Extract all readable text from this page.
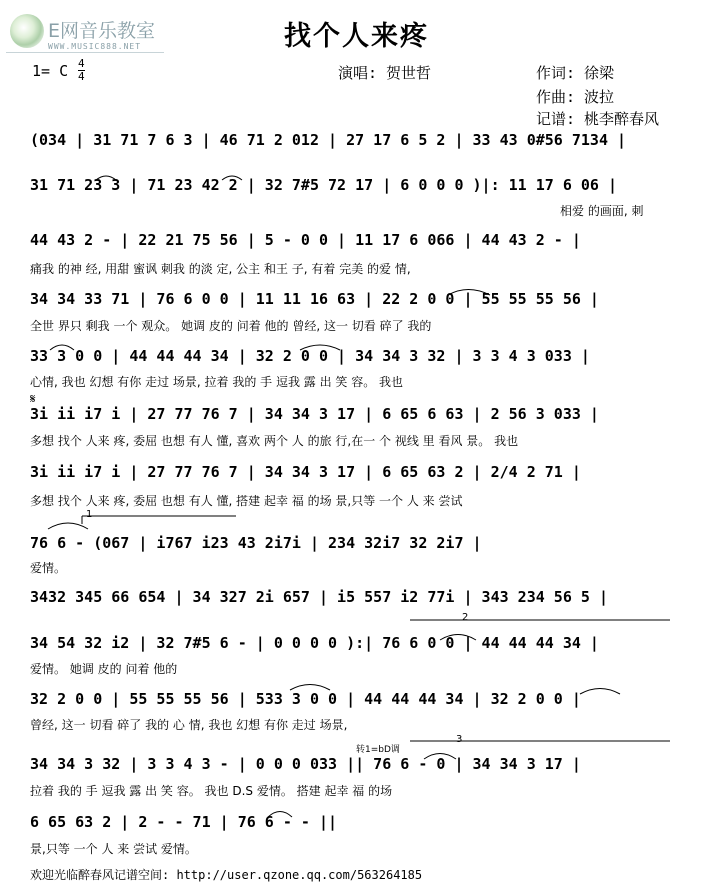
E网音乐教室
WWW.MUSIC888.NET	找个人来疼
1= C 4
4	演唱: 贺世哲	作词: 徐梁
作曲: 波拉
记谱: 桃李醉春风
(034 | 31 71 7 6 3 | 46 71 2 012 | 27 17 6 5 2 | 33 43 0#56 7134 |
31 71 23 3 | 71 23 42 2 | 32 7#5 72 17 | 6 0 0 0 )|: 11 17 6 06 |
相爱 的画面, 刺
44 43 2 - | 22 21 75 56 | 5 - 0 0 | 11 17 6 066 | 44 43 2 - |
痛我 的神 经, 用甜 蜜讽 刺我 的淡 定, 公主 和王 子, 有着 完美 的爱 情,
34 34 33 71 | 76 6 0 0 | 11 11 16 63 | 22 2 0 0 | 55 55 55 56 |
全世 界只 剩我 一个 观众。 她调 皮的 问着 他的 曾经, 这一 切看 碎了 我的
33 3 0 0 | 44 44 44 34 | 32 2 0 0 | 34 34 3 32 | 3 3 4 3 033 |
心情, 我也 幻想 有你 走过 场景, 拉着 我的 手 逗我 露 出 笑 容。 我也
𝄋
3i ii i7 i | 27 77 76 7 | 34 34 3 17 | 6 65 6 63 | 2 56 3 033 |
多想 找个 人来 疼, 委屈 也想 有人 懂, 喜欢 两个 人 的旅 行,在一 个 视线 里 看风 景。 我也
3i ii i7 i | 27 77 76 7 | 34 34 3 17 | 6 65 63 2 | 2/4 2 71 |
多想 找个 人来 疼, 委屈 也想 有人 懂, 搭建 起幸 福 的场 景,只等 一个 人 来 尝试
1
76 6 - (067 | i767 i23 43 2i7i | 234 32i7 32 2i7 |
爱情。
3432 345 66 654 | 34 327 2i 657 | i5 557 i2 77i | 343 234 56 5 |
2
34 54 32 i2 | 32 7#5 6 - | 0 0 0 0 ):| 76 6 0 0 | 44 44 44 34 |
爱情。 她调 皮的 问着 他的
32 2 0 0 | 55 55 55 56 | 533 3 0 0 | 44 44 44 34 | 32 2 0 0 |
曾经, 这一 切看 碎了 我的 心 情, 我也 幻想 有你 走过 场景,
转1=bD调
3
34 34 3 32 | 3 3 4 3 - | 0 0 0 033 || 76 6 - 0 | 34 34 3 17 |
拉着 我的 手 逗我 露 出 笑 容。 我也 D.S 爱情。 搭建 起幸 福 的场
6 65 63 2 | 2 - - 71 | 76 6 - - ||
景,只等 一个 人 来 尝试 爱情。
欢迎光临醉春风记谱空间: http://user.qzone.qq.com/563264185
